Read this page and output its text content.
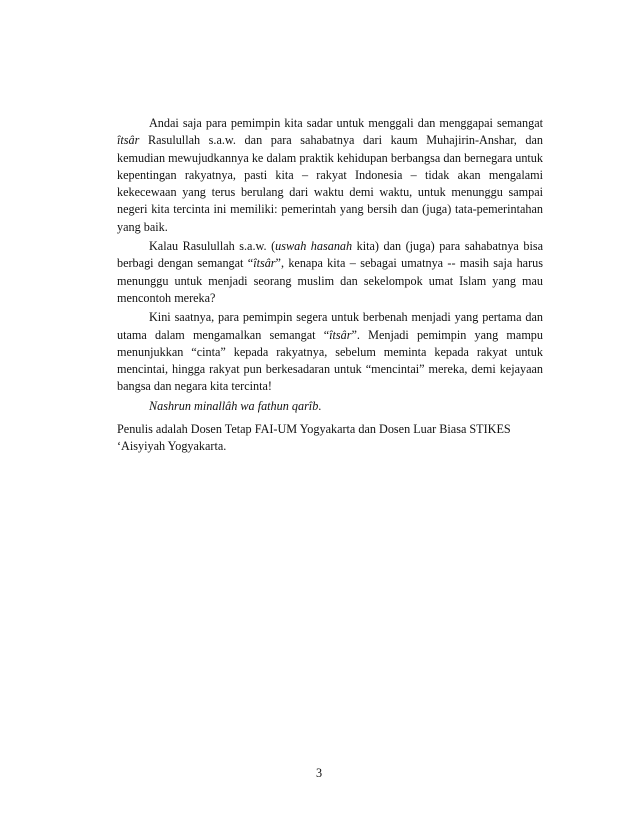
Andai saja para pemimpin kita sadar untuk menggali dan menggapai semangat îtsâr Rasulullah s.a.w. dan para sahabatnya dari kaum Muhajirin-Anshar, dan kemudian mewujudkannya ke dalam praktik kehidupan berbangsa dan bernegara untuk kepentingan rakyatnya, pasti kita – rakyat Indonesia – tidak akan mengalami kekecewaan yang terus berulang dari waktu demi waktu, untuk menunggu sampai negeri kita tercinta ini memiliki: pemerintah yang bersih dan (juga) tata-pemerintahan yang baik.

Kalau Rasulullah s.a.w. (uswah hasanah kita) dan (juga) para sahabatnya bisa berbagi dengan semangat “îtsâr”, kenapa kita – sebagai umatnya -- masih saja harus menunggu untuk menjadi seorang muslim dan sekelompok umat Islam yang mau mencontoh mereka?

Kini saatnya, para pemimpin segera untuk berbenah menjadi yang pertama dan utama dalam mengamalkan semangat “îtsâr”. Menjadi pemimpin yang mampu menunjukkan “cinta” kepada rakyatnya, sebelum meminta kepada rakyat untuk mencintai, hingga rakyat pun berkesadaran untuk “mencintai” mereka, demi kejayaan bangsa dan negara kita tercinta!

Nashrun minallâh wa fathun qarîb.

Penulis adalah Dosen Tetap FAI-UM Yogyakarta dan Dosen Luar Biasa STIKES ‘Aisyiyah Yogyakarta.

3
